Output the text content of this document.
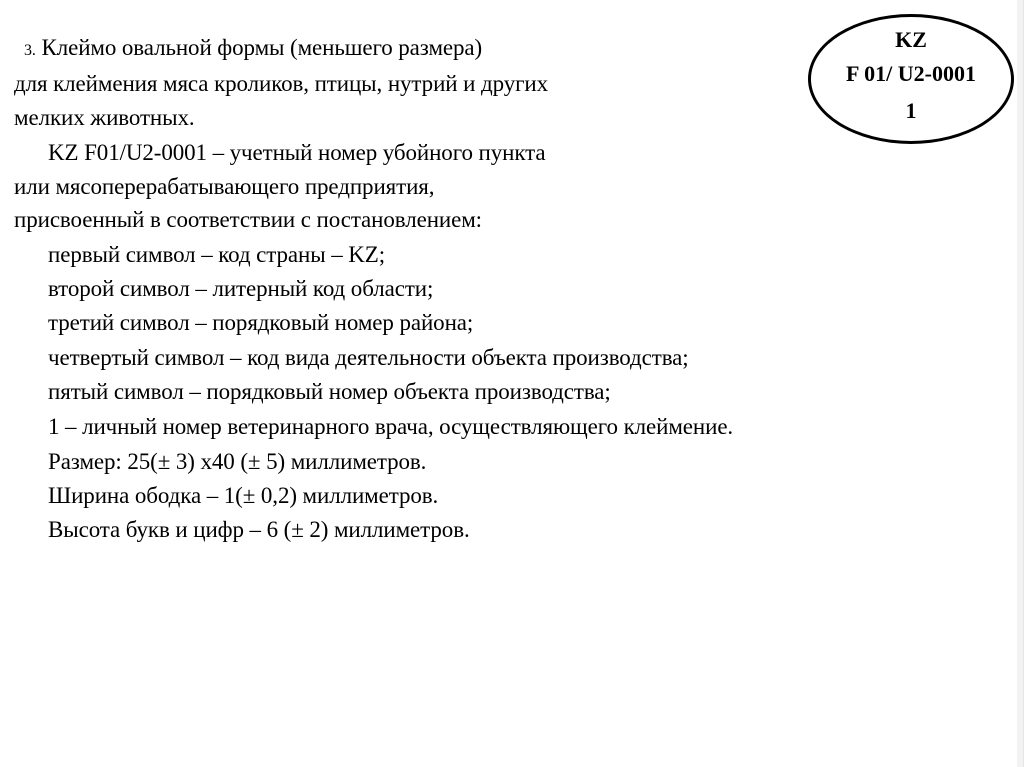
3. Клеймо овальной формы (меньшего размера)
для клеймения мяса кроликов, птицы, нутрий и других
мелких животных.
KZ F01/U2-0001 – учетный номер убойного пункта
или мясоперерабатывающего предприятия,
присвоенный в соответствии с постановлением:
первый символ – код страны – KZ;
второй символ – литерный код области;
третий символ – порядковый номер района;
четвертый символ – код вида деятельности объекта производства;
пятый символ – порядковый номер объекта производства;
1 – личный номер ветеринарного врача, осуществляющего клеймение.
Размер: 25(± 3) х40 (± 5) миллиметров.
Ширина ободка – 1(± 0,2) миллиметров.
Высота букв и цифр – 6 (± 2) миллиметров.
KZ
F 01/ U2-0001
1
